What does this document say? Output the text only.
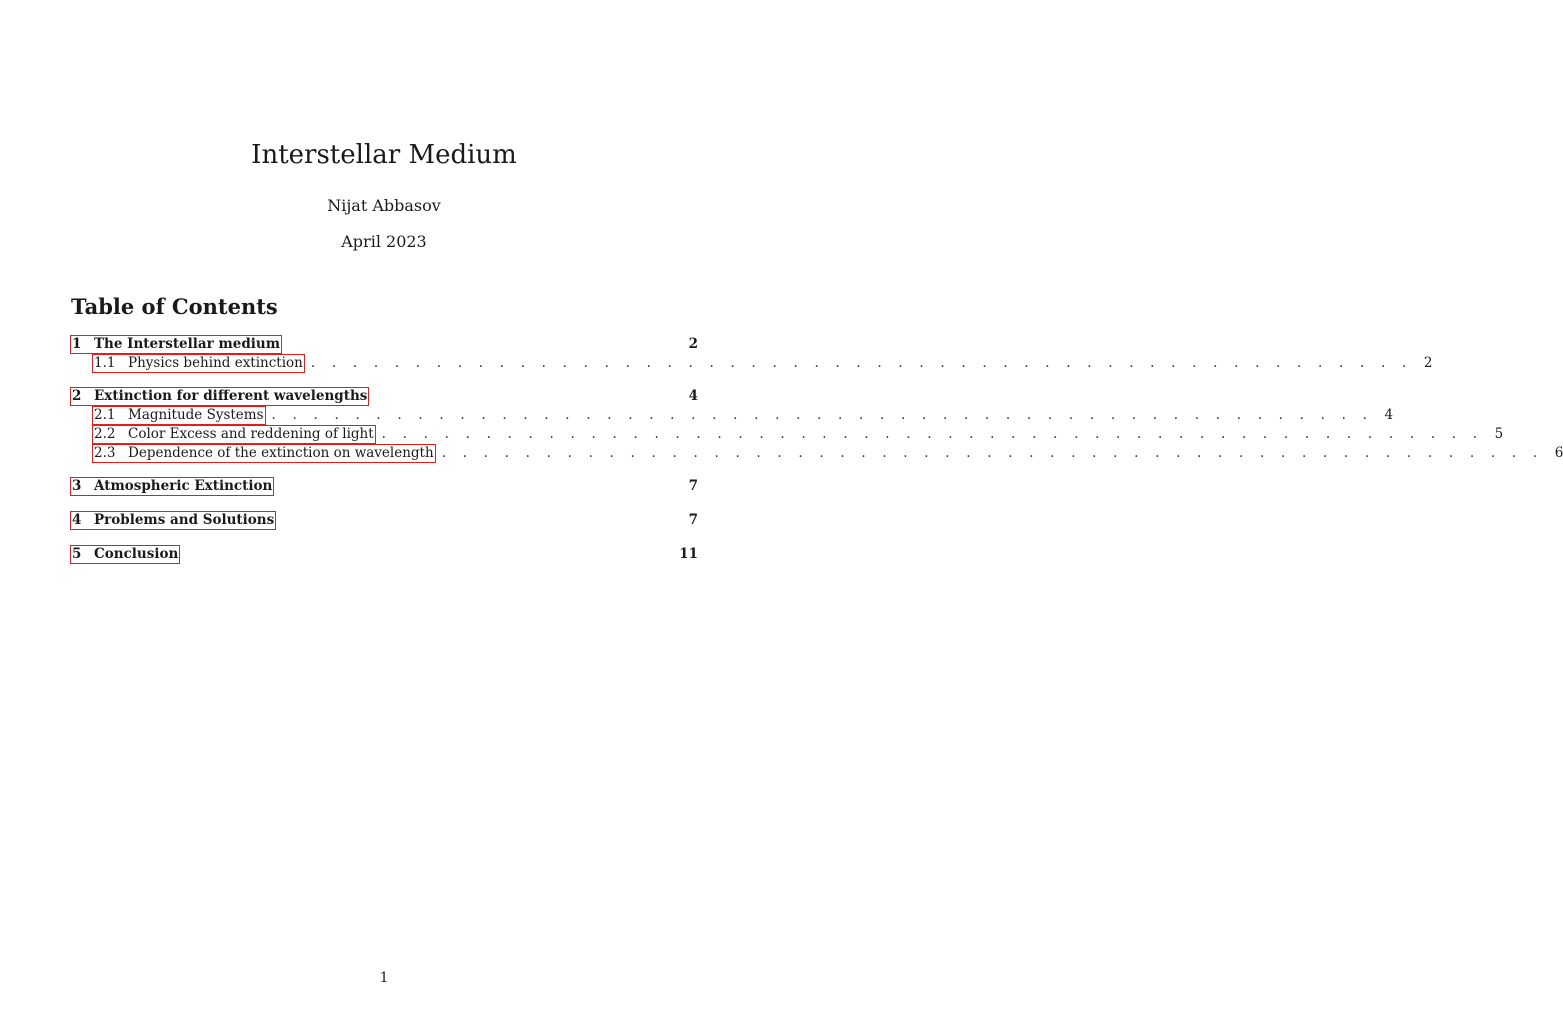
Interstellar Medium
Nijat Abbasov
April 2023
Table of Contents
1 The Interstellar medium	2
1.1 Physics behind extinction . . . . . . . . . . . . . . . . . . . . . . . . . . . . . . . . . . . . . . . . . . . . . . . . . . . . . 2
2 Extinction for different wavelengths	4
2.1 Magnitude Systems . . . . . . . . . . . . . . . . . . . . . . . . . . . . . . . . . . . . . . . . . . . . . . . . . . . . . 4
2.2 Color Excess and reddening of light . . . . . . . . . . . . . . . . . . . . . . . . . . . . . . . . . . . . . . . . . . . . . . . . . . . . . 5
2.3 Dependence of the extinction on wavelength . . . . . . . . . . . . . . . . . . . . . . . . . . . . . . . . . . . . . . . . . . . . . . . . . . . . . 6
3 Atmospheric Extinction	7
4 Problems and Solutions	7
5 Conclusion	11
1
